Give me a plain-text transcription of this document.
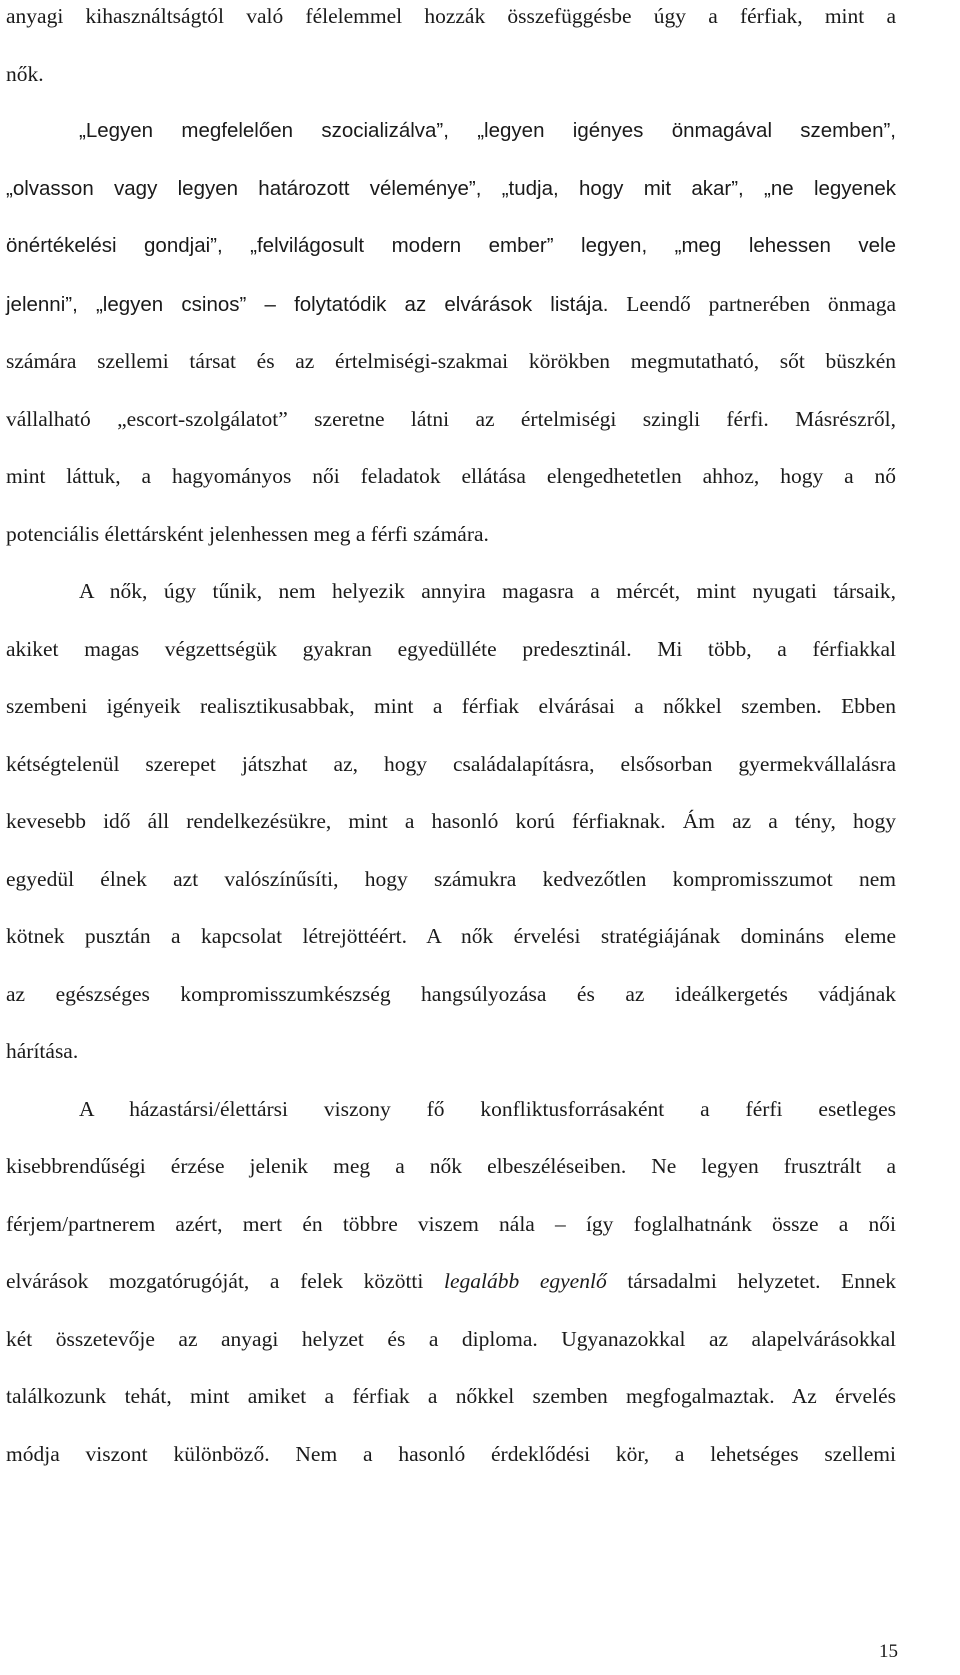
anyagi kihasználtságtól való félelemmel hozzák összefüggésbe úgy a férfiak, mint a
nők.
„Legyen megfelelően szocializálva”, „legyen igényes önmagával szemben”,
„olvasson vagy legyen határozott véleménye”, „tudja, hogy mit akar”, „ne legyenek
önértékelési gondjai”, „felvilágosult modern ember” legyen, „meg lehessen vele
jelenni”, „legyen csinos” – folytatódik az elvárások listája. Leendő partnerében önmaga
számára szellemi társat és az értelmiségi-szakmai körökben megmutatható, sőt büszkén
vállalható „escort-szolgálatot” szeretne látni az értelmiségi szingli férfi. Másrészről,
mint láttuk, a hagyományos női feladatok ellátása elengedhetetlen ahhoz, hogy a nő
potenciális élettársként jelenhessen meg a férfi számára.
A nők, úgy tűnik, nem helyezik annyira magasra a mércét, mint nyugati társaik,
akiket magas végzettségük gyakran egyedülléte predesztinál. Mi több, a férfiakkal
szembeni igényeik realisztikusabbak, mint a férfiak elvárásai a nőkkel szemben. Ebben
kétségtelenül szerepet játszhat az, hogy családalapításra, elsősorban gyermekvállalásra
kevesebb idő áll rendelkezésükre, mint a hasonló korú férfiaknak. Ám az a tény, hogy
egyedül élnek azt valószínűsíti, hogy számukra kedvezőtlen kompromisszumot nem
kötnek pusztán a kapcsolat létrejöttéért. A nők érvelési stratégiájának domináns eleme
az egészséges kompromisszumkészség hangsúlyozása és az ideálkergetés vádjának
hárítása.
A házastársi/élettársi viszony fő konfliktusforrásaként a férfi esetleges
kisebbrendűségi érzése jelenik meg a nők elbeszéléseiben. Ne legyen frusztrált a
férjem/partnerem azért, mert én többre viszem nála – így foglalhatnánk össze a női
elvárások mozgatórugóját, a felek közötti legalább egyenlő társadalmi helyzetet. Ennek
két összetevője az anyagi helyzet és a diploma. Ugyanazokkal az alapelvárásokkal
találkozunk tehát, mint amiket a férfiak a nőkkel szemben megfogalmaztak. Az érvelés
módja viszont különböző. Nem a hasonló érdeklődési kör, a lehetséges szellemi
15
